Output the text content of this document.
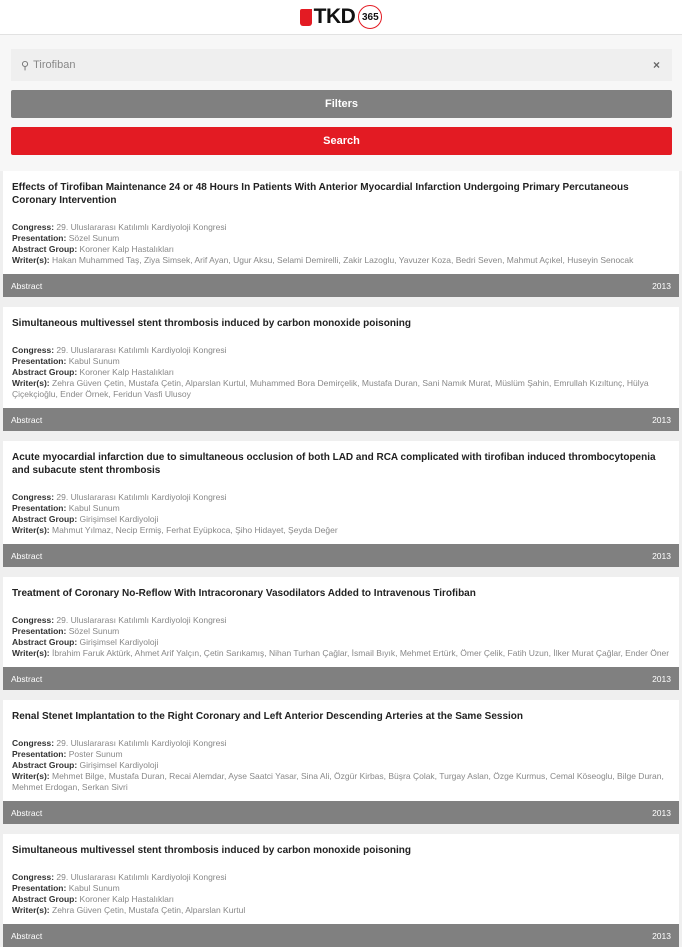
TKD 365
⚲ Tirofiban	×
Filters
Search
Effects of Tirofiban Maintenance 24 or 48 Hours In Patients With Anterior Myocardial Infarction Undergoing Primary Percutaneous Coronary Intervention
Congress: 29. Uluslararası Katılımlı Kardiyoloji Kongresi
Presentation: Sözel Sunum
Abstract Group: Koroner Kalp Hastalıkları
Writer(s): Hakan Muhammed Taş, Ziya Simsek, Arif Ayan, Ugur Aksu, Selami Demirelli, Zakir Lazoglu, Yavuzer Koza, Bedri Seven, Mahmut Açıkel, Huseyin Senocak
Abstract	2013
Simultaneous multivessel stent thrombosis induced by carbon monoxide poisoning
Congress: 29. Uluslararası Katılımlı Kardiyoloji Kongresi
Presentation: Kabul Sunum
Abstract Group: Koroner Kalp Hastalıkları
Writer(s): Zehra Güven Çetin, Mustafa Çetin, Alparslan Kurtul, Muhammed Bora Demirçelik, Mustafa Duran, Sani Namık Murat, Müslüm Şahin, Emrullah Kızıltunç, Hülya Çiçekçioğlu, Ender Örnek, Feridun Vasfi Ulusoy
Abstract	2013
Acute myocardial infarction due to simultaneous occlusion of both LAD and RCA complicated with tirofiban induced thrombocytopenia and subacute stent thrombosis
Congress: 29. Uluslararası Katılımlı Kardiyoloji Kongresi
Presentation: Kabul Sunum
Abstract Group: Girişimsel Kardiyoloji
Writer(s): Mahmut Yılmaz, Necip Ermiş, Ferhat Eyüpkoca, Şiho Hidayet, Şeyda Değer
Abstract	2013
Treatment of Coronary No-Reflow With Intracoronary Vasodilators Added to Intravenous Tirofiban
Congress: 29. Uluslararası Katılımlı Kardiyoloji Kongresi
Presentation: Sözel Sunum
Abstract Group: Girişimsel Kardiyoloji
Writer(s): İbrahim Faruk Aktürk, Ahmet Arif Yalçın, Çetin Sarıkamış, Nihan Turhan Çağlar, İsmail Bıyık, Mehmet Ertürk, Ömer Çelik, Fatih Uzun, İlker Murat Çağlar, Ender Öner
Abstract	2013
Renal Stenet Implantation to the Right Coronary and Left Anterior Descending Arteries at the Same Session
Congress: 29. Uluslararası Katılımlı Kardiyoloji Kongresi
Presentation: Poster Sunum
Abstract Group: Girişimsel Kardiyoloji
Writer(s): Mehmet Bilge, Mustafa Duran, Recai Alemdar, Ayse Saatci Yasar, Sina Ali, Özgür Kirbas, Büşra Çolak, Turgay Aslan, Özge Kurmus, Cemal Köseoglu, Bilge Duran, Mehmet Erdogan, Serkan Sivri
Abstract	2013
Simultaneous multivessel stent thrombosis induced by carbon monoxide poisoning
Congress: 29. Uluslararası Katılımlı Kardiyoloji Kongresi
Presentation: Kabul Sunum
Abstract Group: Koroner Kalp Hastalıkları
Writer(s): Zehra Güven Çetin, Mustafa Çetin, Alparslan Kurtul
Abstract	2013
